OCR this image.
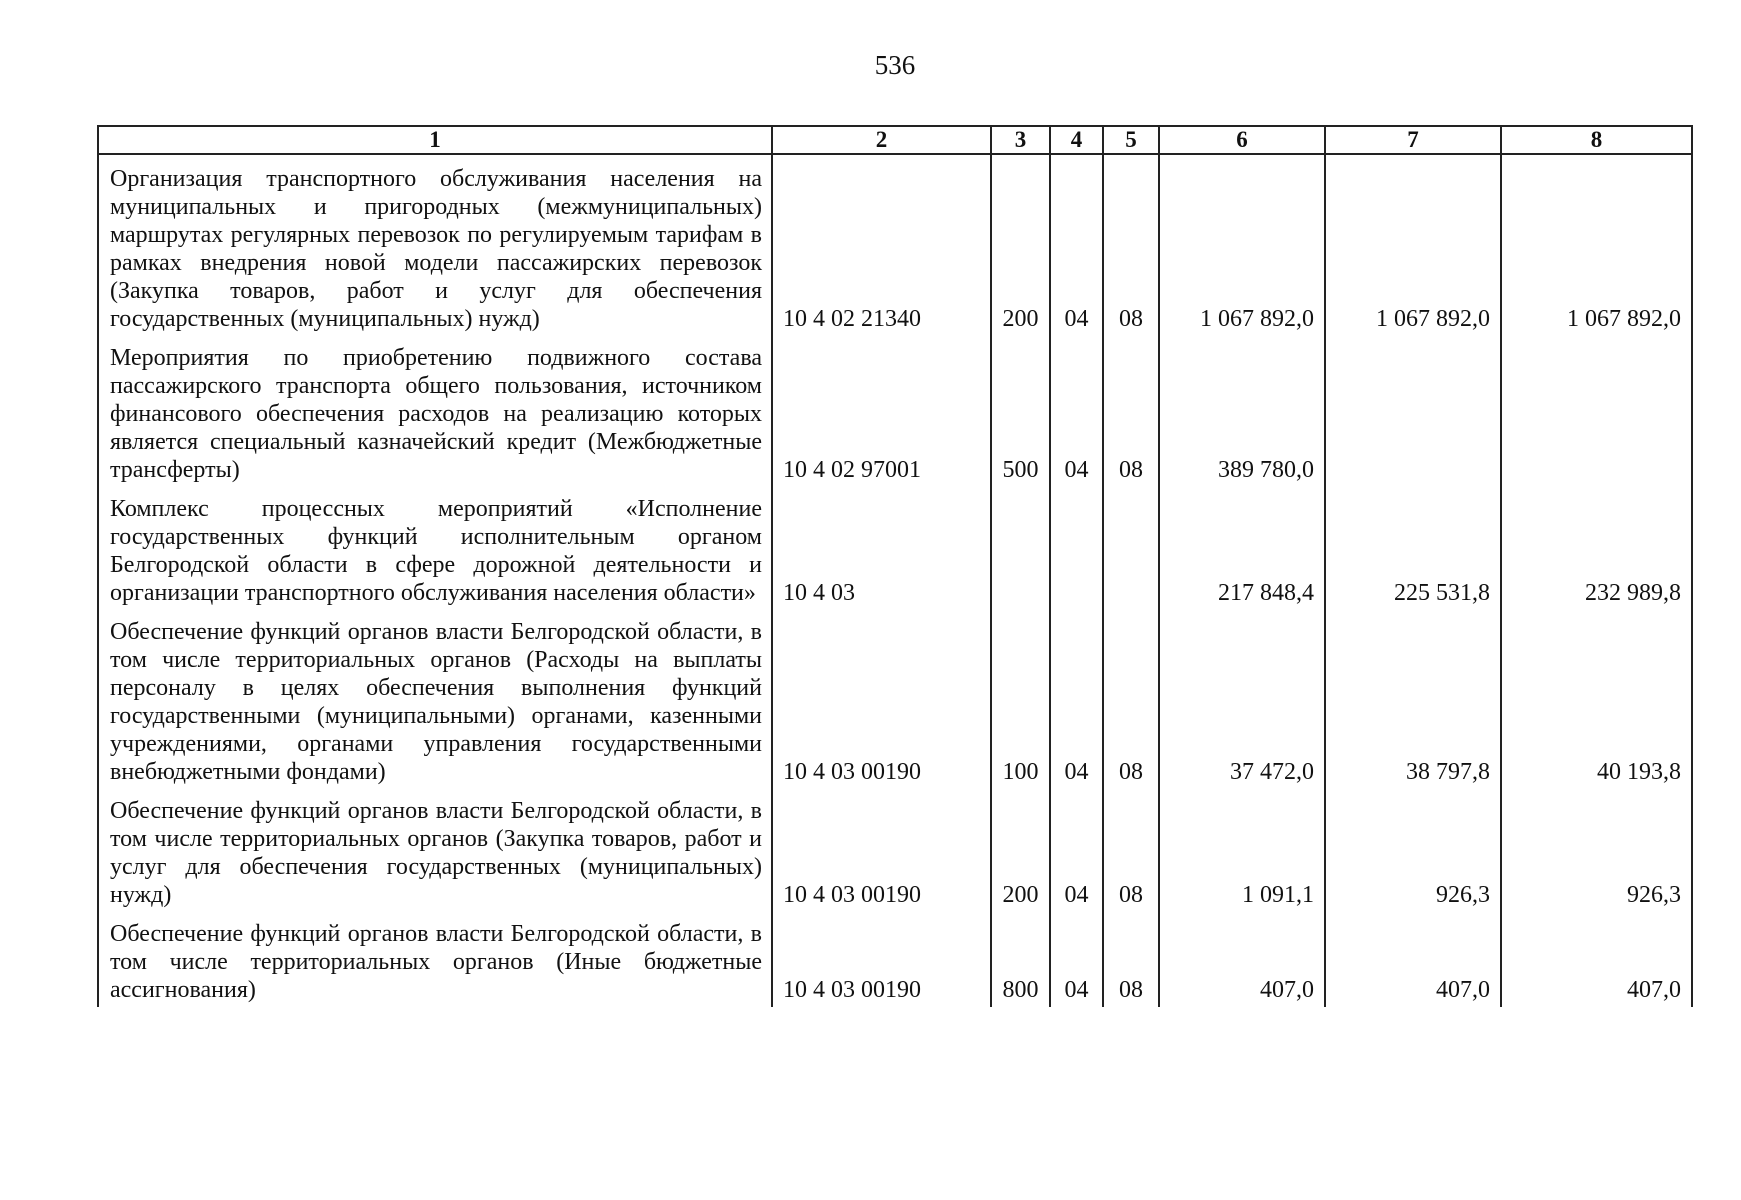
536
1	2	3	4	5	6	7	8
Организация транспортного обслуживания населения на муниципальных и пригородных (межмуниципальных) маршрутах регулярных перевозок по регулируемым тарифам в рамках внедрения новой модели пассажирских перевозок (Закупка товаров, работ и услуг для обеспечения государственных (муниципальных) нужд)	10 4 02 21340	200	04	08	1 067 892,0	1 067 892,0	1 067 892,0
Мероприятия по приобретению подвижного состава пассажирского транспорта общего пользования, источником финансового обеспечения расходов на реализацию которых является специальный казначейский кредит (Межбюджетные трансферты)	10 4 02 97001	500	04	08	389 780,0		
Комплекс процессных мероприятий «Исполнение государственных функций исполнительным органом Белгородской области в сфере дорожной деятельности и организации транспортного обслуживания населения области»	10 4 03				217 848,4	225 531,8	232 989,8
Обеспечение функций органов власти Белгородской области, в том числе территориальных органов (Расходы на выплаты персоналу в целях обеспечения выполнения функций государственными (муниципальными) органами, казенными учреждениями, органами управления государственными внебюджетными фондами)	10 4 03 00190	100	04	08	37 472,0	38 797,8	40 193,8
Обеспечение функций органов власти Белгородской области, в том числе территориальных органов (Закупка товаров, работ и услуг для обеспечения государственных (муниципальных) нужд)	10 4 03 00190	200	04	08	1 091,1	926,3	926,3
Обеспечение функций органов власти Белгородской области, в том числе территориальных органов (Иные бюджетные ассигнования)	10 4 03 00190	800	04	08	407,0	407,0	407,0
